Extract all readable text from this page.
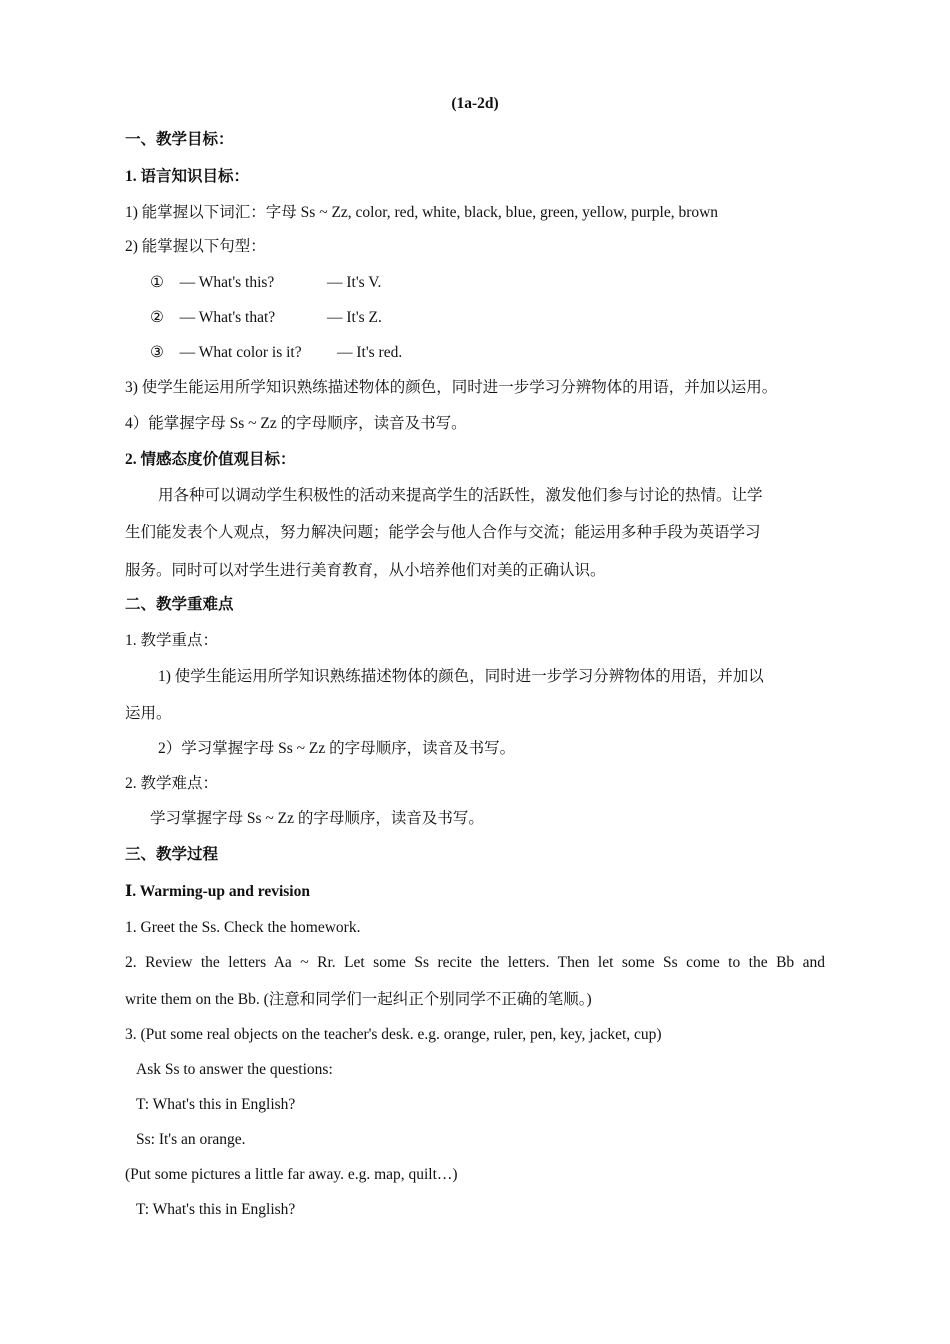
(1a-2d)
一、教学目标：
1. 语言知识目标：
1) 能掌握以下词汇：字母 Ss ~ Zz, color, red, white, black, blue, green, yellow, purple, brown
2) 能掌握以下句型：
① — What's this?	— It's V.
② — What's that?	— It's Z.
③ — What color is it? — It's red.
3) 使学生能运用所学知识熟练描述物体的颜色，同时进一步学习分辨物体的用语，并加以运用。
4）能掌握字母 Ss ~ Zz 的字母顺序，读音及书写。
2. 情感态度价值观目标：
用各种可以调动学生积极性的活动来提高学生的活跃性，激发他们参与讨论的热情。让学
生们能发表个人观点，努力解决问题；能学会与他人合作与交流；能运用多种手段为英语学习
服务。同时可以对学生进行美育教育，从小培养他们对美的正确认识。
二、教学重难点
1. 教学重点：
1) 使学生能运用所学知识熟练描述物体的颜色，同时进一步学习分辨物体的用语，并加以
运用。
2）学习掌握字母 Ss ~ Zz 的字母顺序，读音及书写。
2. 教学难点：
学习掌握字母 Ss ~ Zz 的字母顺序，读音及书写。
三、教学过程
Ⅰ. Warming-up and revision
1. Greet the Ss. Check the homework.
2. Review the letters Aa ~ Rr. Let some Ss recite the letters. Then let some Ss come to the Bb and
write them on the Bb. (注意和同学们一起纠正个别同学不正确的笔顺。)
3. (Put some real objects on the teacher's desk. e.g. orange, ruler, pen, key, jacket, cup)
Ask Ss to answer the questions:
T: What's this in English?
Ss: It's an orange.
(Put some pictures a little far away. e.g. map, quilt…)
T: What's this in English?
